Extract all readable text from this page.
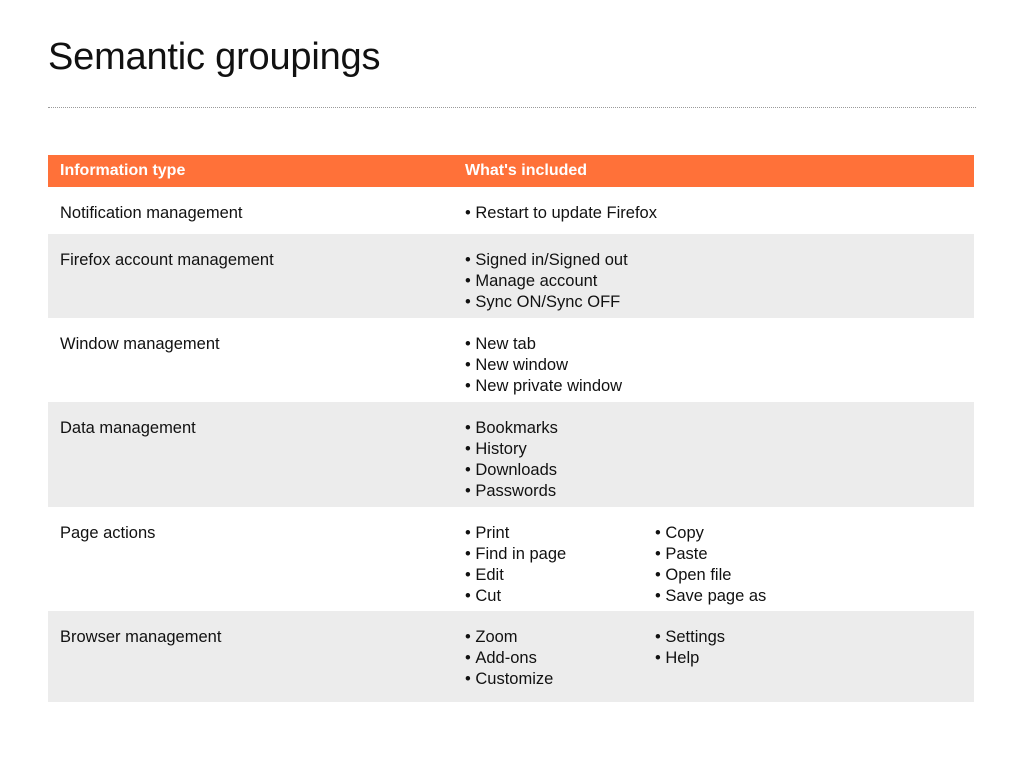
Semantic groupings
Information type	What's included
Notification management	• Restart to update Firefox
Firefox account management	• Signed in/Signed out
• Manage account
• Sync ON/Sync OFF
Window management	• New tab
• New window
• New private window
Data management	• Bookmarks
• History
• Downloads
• Passwords
Page actions	• Print
• Find in page
• Edit
• Cut
• Copy
• Paste
• Open file
• Save page as
Browser management	• Zoom
• Add-ons
• Customize
• Settings
• Help
